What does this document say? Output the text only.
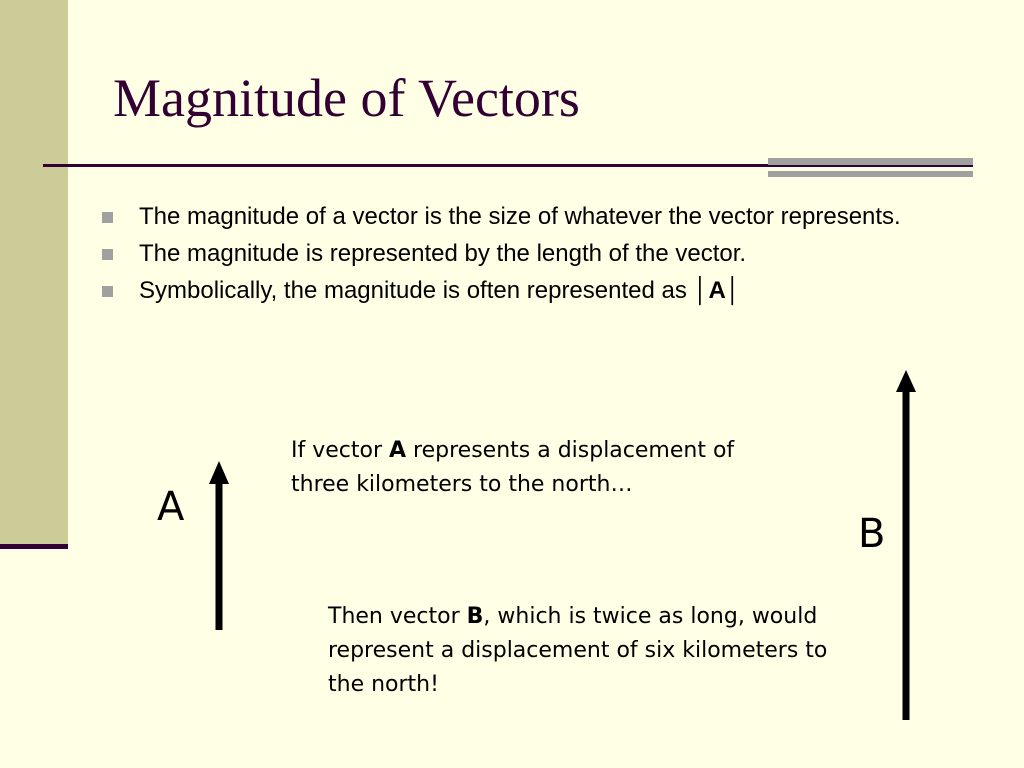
Magnitude of Vectors
The magnitude of a vector is the size of whatever the vector represents.
The magnitude is represented by the length of the vector.
Symbolically, the magnitude is often represented as │A│
A
B
If vector A represents a displacement of three kilometers to the north…
Then vector B, which is twice as long, would represent a displacement of six kilometers to the north!
